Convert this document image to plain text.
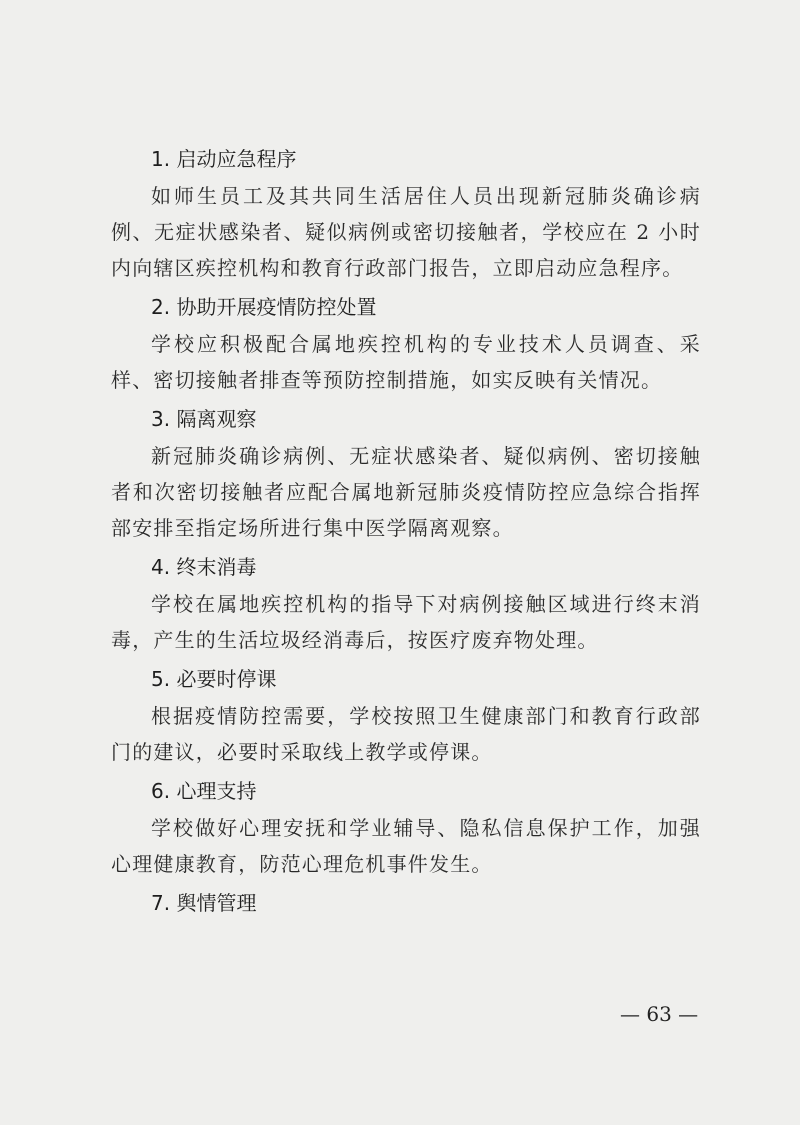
1. 启动应急程序

如师生员工及其共同生活居住人员出现新冠肺炎确诊病例、无症状感染者、疑似病例或密切接触者，学校应在 2 小时内向辖区疾控机构和教育行政部门报告，立即启动应急程序。

2. 协助开展疫情防控处置

学校应积极配合属地疾控机构的专业技术人员调查、采样、密切接触者排查等预防控制措施，如实反映有关情况。

3. 隔离观察

新冠肺炎确诊病例、无症状感染者、疑似病例、密切接触者和次密切接触者应配合属地新冠肺炎疫情防控应急综合指挥部安排至指定场所进行集中医学隔离观察。

4. 终末消毒

学校在属地疾控机构的指导下对病例接触区域进行终末消毒，产生的生活垃圾经消毒后，按医疗废弃物处理。

5. 必要时停课

根据疫情防控需要，学校按照卫生健康部门和教育行政部门的建议，必要时采取线上教学或停课。

6. 心理支持

学校做好心理安抚和学业辅导、隐私信息保护工作，加强心理健康教育，防范心理危机事件发生。

7. 舆情管理
— 63 —
